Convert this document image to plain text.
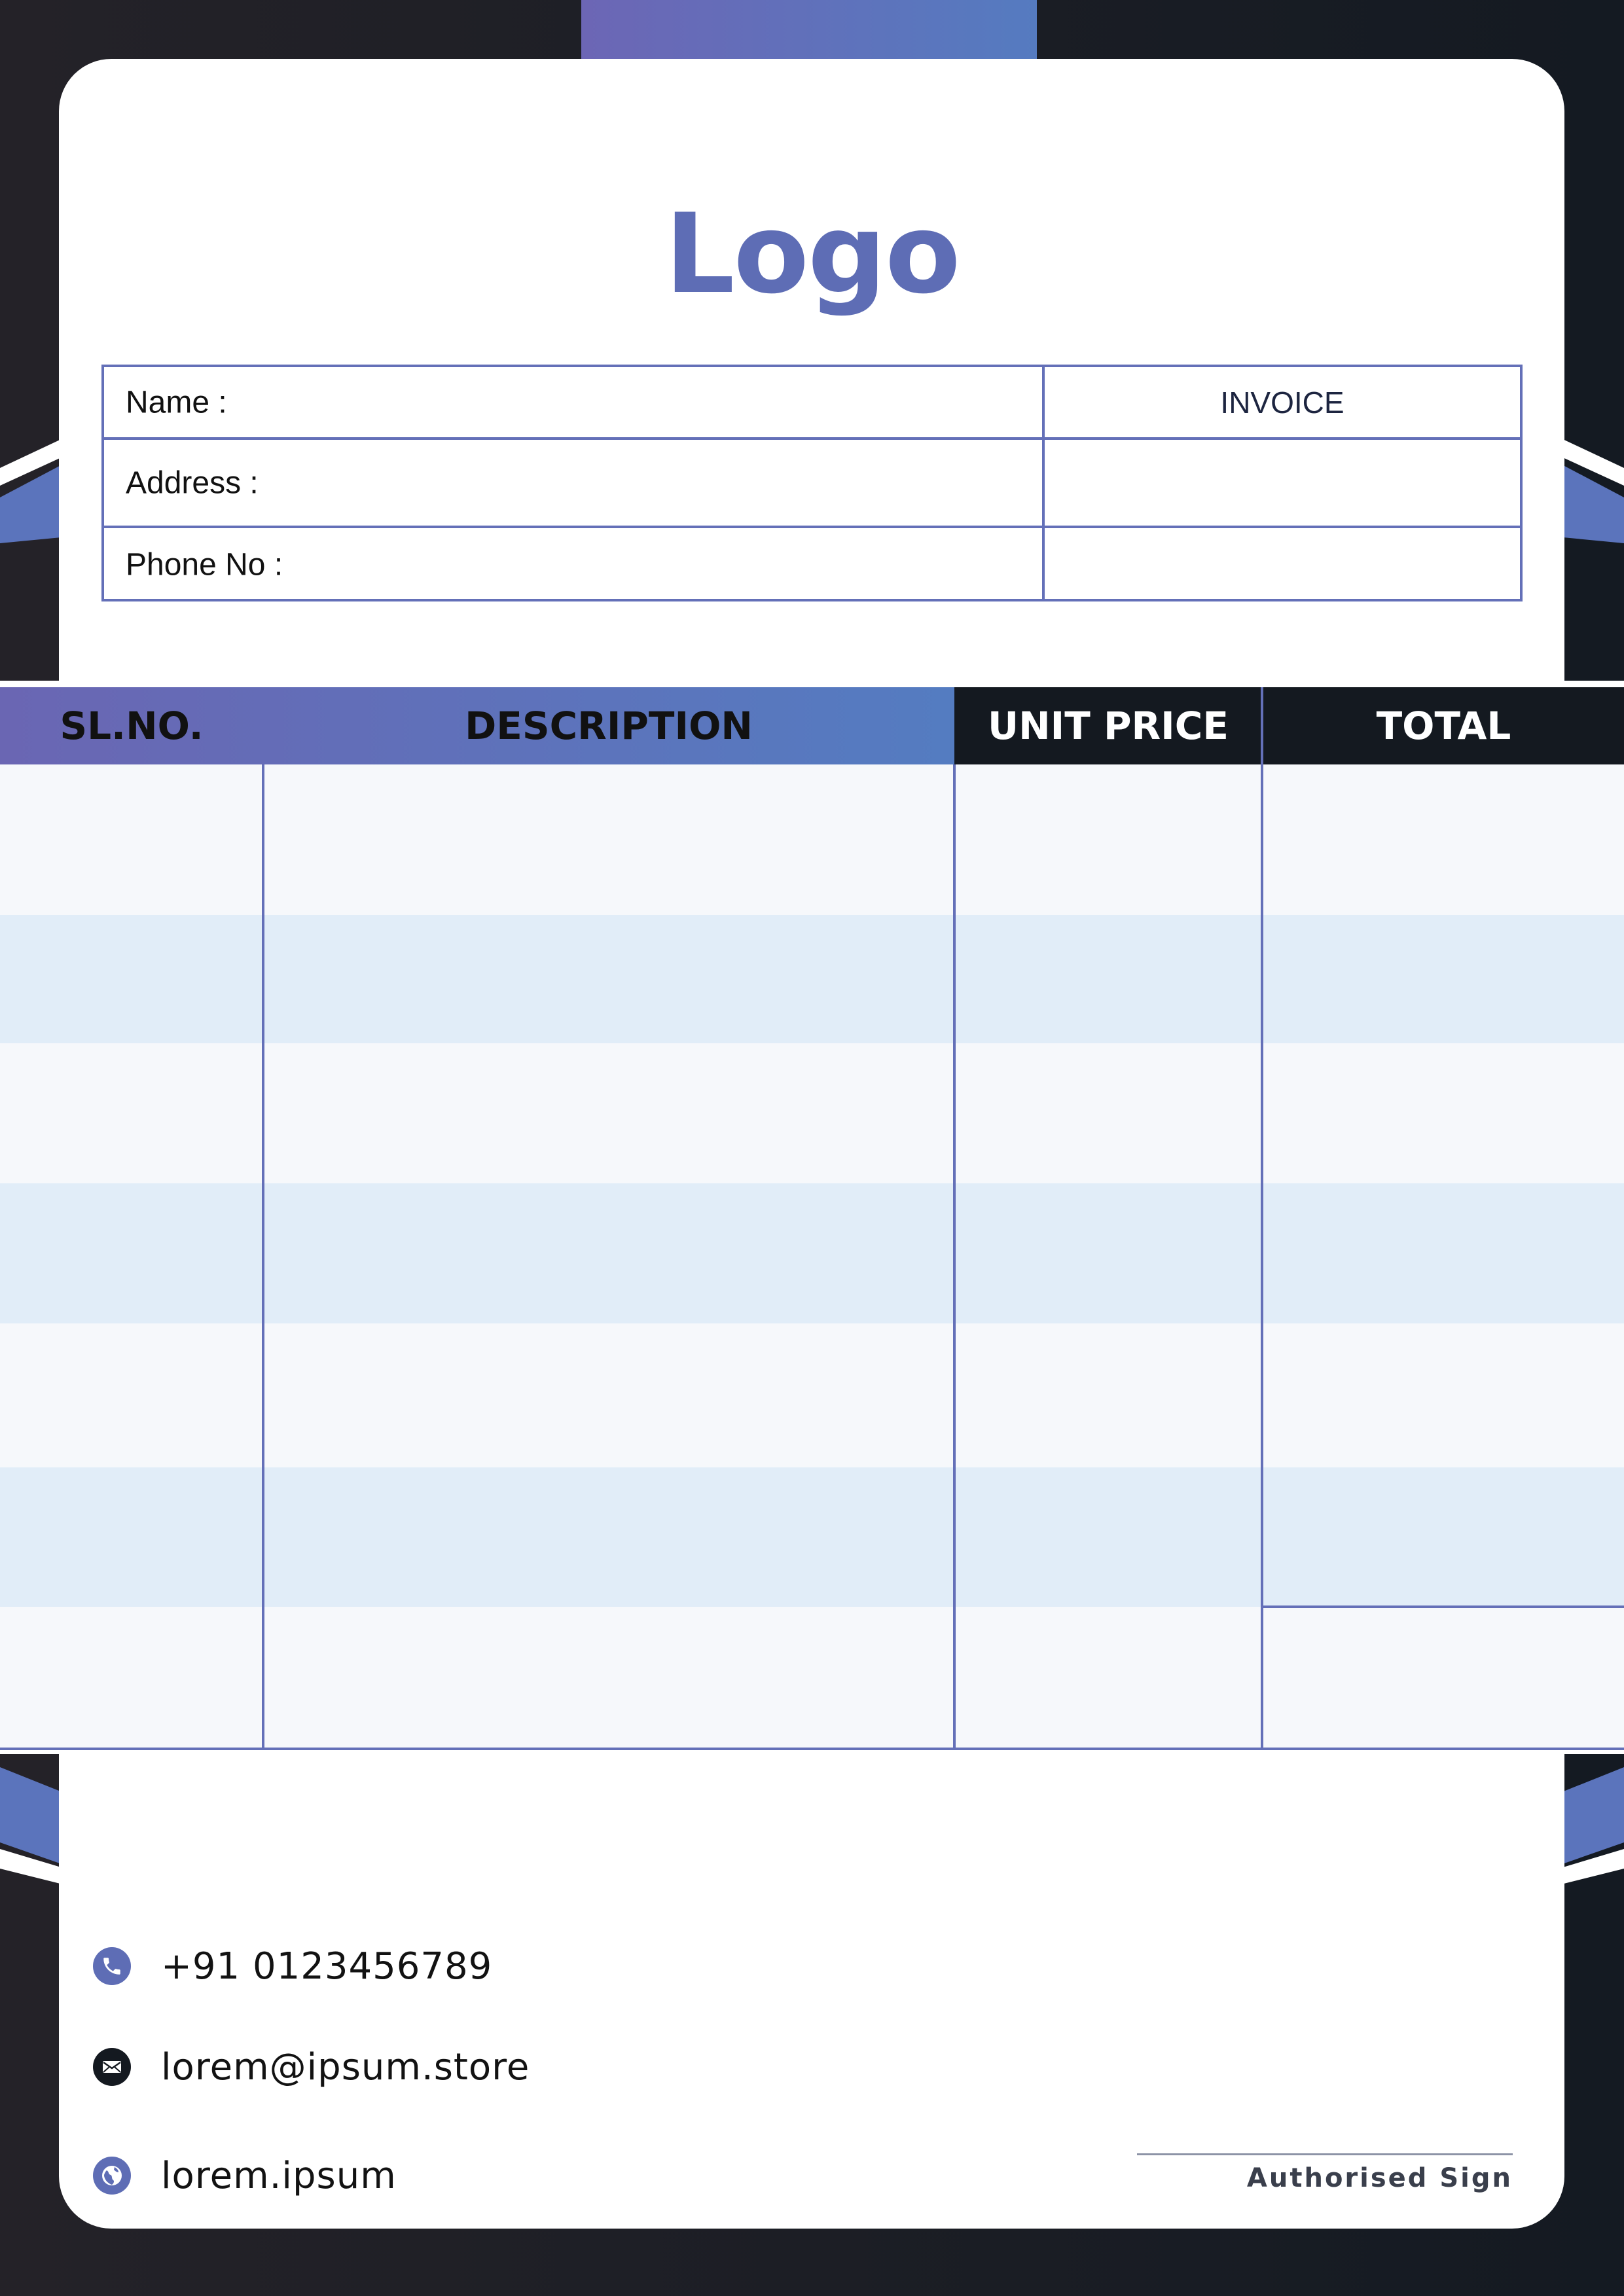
Logo
Name :	INVOICE
Address :
Phone No :
SL.NO.	DESCRIPTION	UNIT PRICE	TOTAL
+91 0123456789
lorem@ipsum.store
lorem.ipsum	Authorised Sign
